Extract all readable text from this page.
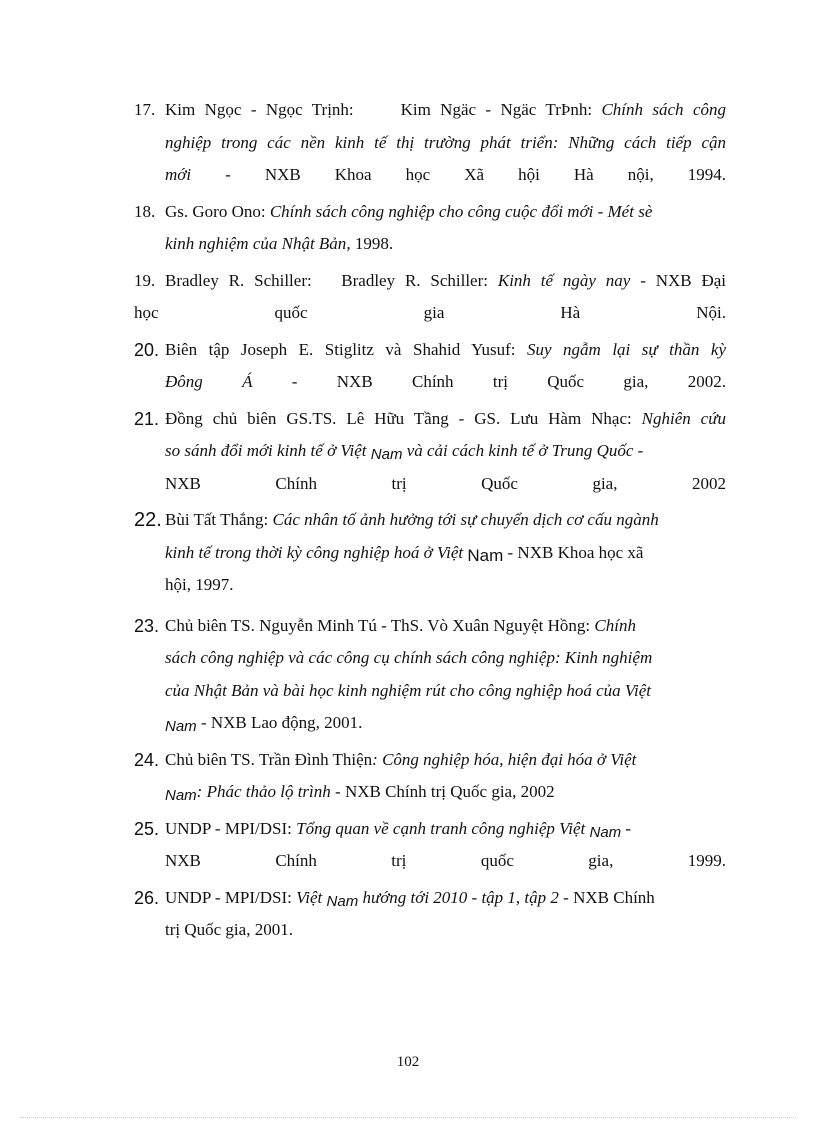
17. Kim Ngọc - Ngọc Trịnh:	Kim Ngäc - Ngäc TrÞnh: Chính sách công
nghiệp trong các nền kinh tế thị trường phát triển: Những cách tiếp cận
mới - NXB Khoa học Xã hội Hà nội, 1994.
18. Gs. Goro Ono: Chính sách công nghiệp cho công cuộc đổi mới - Mét sè
kinh nghiệm của Nhật Bản, 1998.
19. Bradley R. Schiller: Bradley R. Schiller: Kinh tế ngày nay - NXB Đại
học quốc gia Hà Nội.
20. Biên tập Joseph E. Stiglitz và Shahid Yusuf: Suy ngẫm lại sự thần kỳ
Đông Á - NXB Chính trị Quốc gia, 2002.
21. Đồng chủ biên GS.TS. Lê Hữu Tầng - GS. Lưu Hàm Nhạc: Nghiên cứu
so sánh đổi mới kinh tế ở Việt Nam và cải cách kinh tế ở Trung Quốc -
NXB Chính trị Quốc gia, 2002
22. Bùi Tất Thắng: Các nhân tố ảnh hưởng tới sự chuyển dịch cơ cấu ngành
kinh tế trong thời kỳ công nghiệp hoá ở Việt Nam - NXB Khoa học xã
hội, 1997.
23. Chủ biên TS. Nguyễn Minh Tú - ThS. Vò Xuân Nguyệt Hồng: Chính
sách công nghiệp và các công cụ chính sách công nghiệp: Kinh nghiệm
của Nhật Bản và bài học kinh nghiệm rút cho công nghiệp hoá của Việt
Nam - NXB Lao động, 2001.
24. Chủ biên TS. Trần Đình Thiện: Công nghiệp hóa, hiện đại hóa ở Việt
Nam: Phác thảo lộ trình - NXB Chính trị Quốc gia, 2002
25. UNDP - MPI/DSI: Tổng quan về cạnh tranh công nghiệp Việt Nam -
NXB Chính trị quốc gia, 1999.
26. UNDP - MPI/DSI: Việt Nam hướng tới 2010 - tập 1, tập 2 - NXB Chính
trị Quốc gia, 2001.
102
